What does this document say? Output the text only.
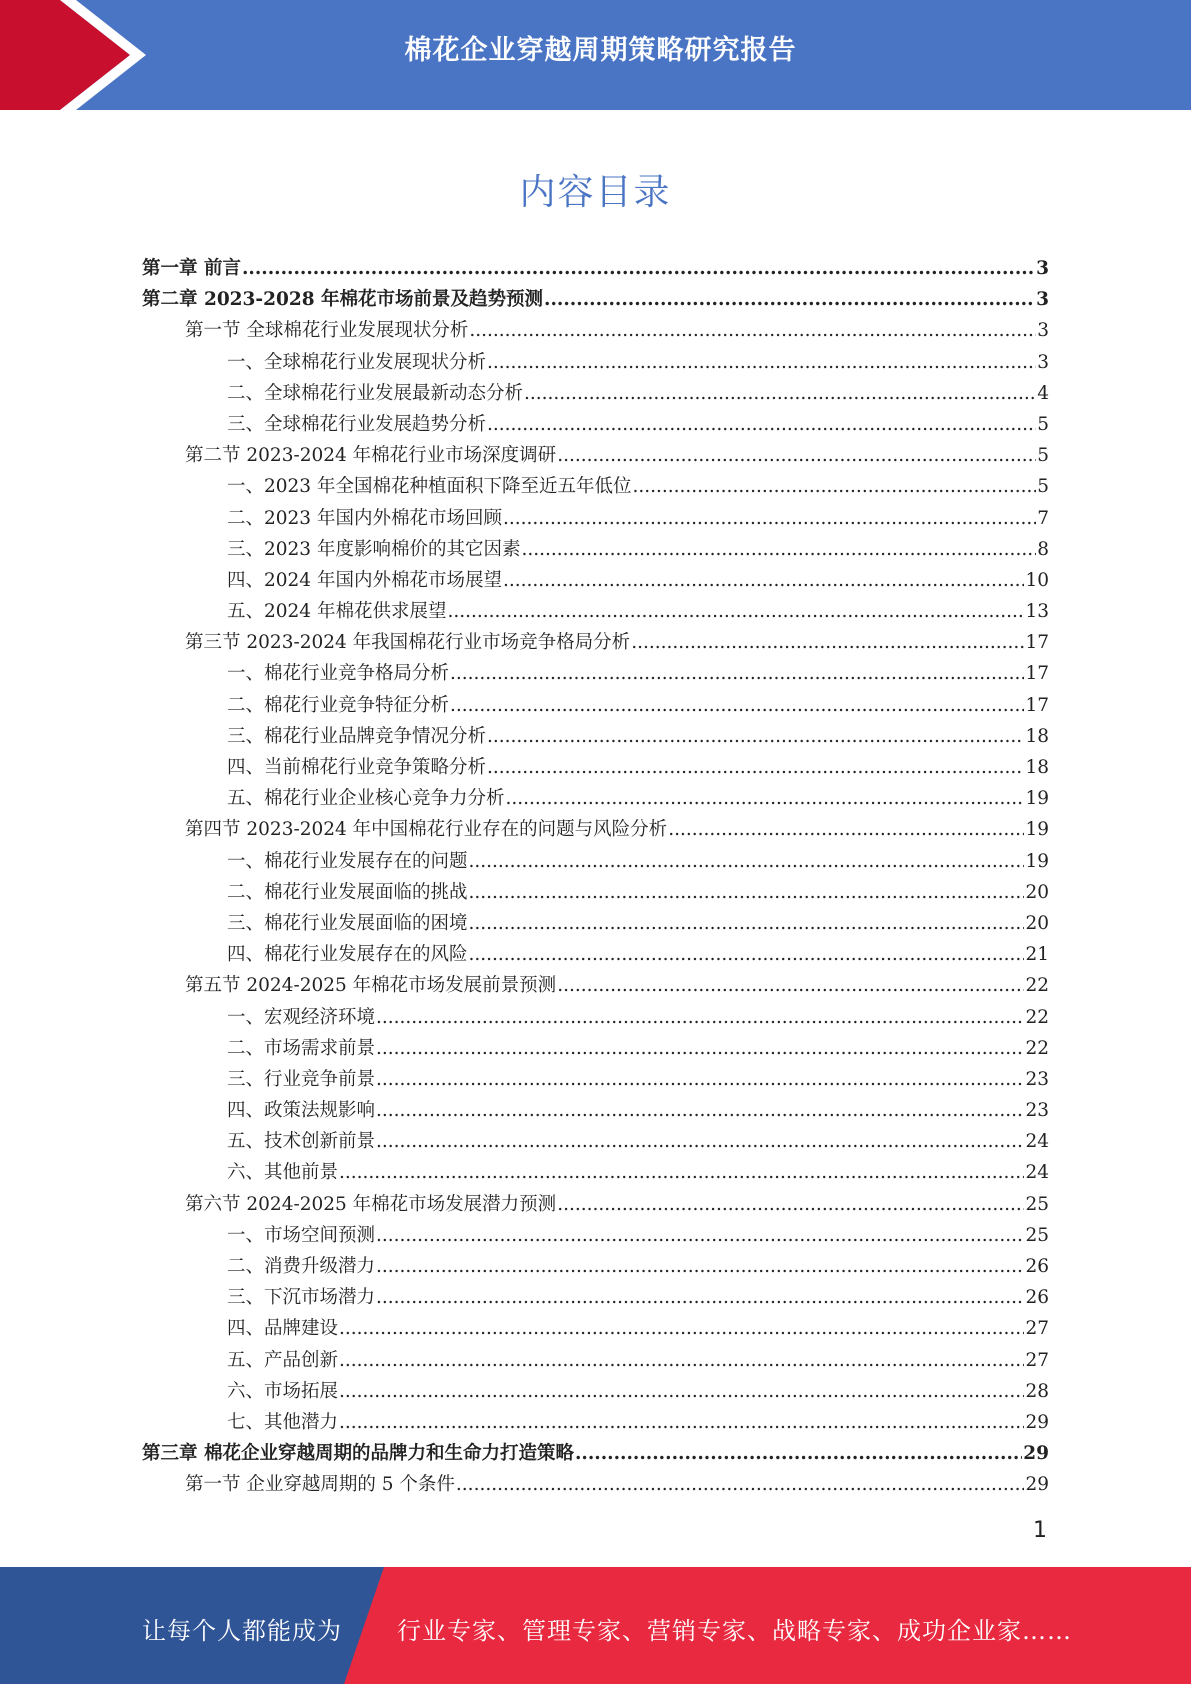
棉花企业穿越周期策略研究报告
内容目录
第一章 前言 .....	3
第二章 2023-2028 年棉花市场前景及趋势预测 .....	3
第一节 全球棉花行业发展现状分析 .....	3
一、全球棉花行业发展现状分析 .....	3
二、全球棉花行业发展最新动态分析 .....	4
三、全球棉花行业发展趋势分析 .....	5
第二节 2023-2024 年棉花行业市场深度调研 .....	5
一、2023 年全国棉花种植面积下降至近五年低位 .....	5
二、2023 年国内外棉花市场回顾 .....	7
三、2023 年度影响棉价的其它因素 .....	8
四、2024 年国内外棉花市场展望 .....	10
五、2024 年棉花供求展望 .....	13
第三节 2023-2024 年我国棉花行业市场竞争格局分析 .....	17
一、棉花行业竞争格局分析 .....	17
二、棉花行业竞争特征分析 .....	17
三、棉花行业品牌竞争情况分析 .....	18
四、当前棉花行业竞争策略分析 .....	18
五、棉花行业企业核心竞争力分析 .....	19
第四节 2023-2024 年中国棉花行业存在的问题与风险分析 .....	19
一、棉花行业发展存在的问题 .....	19
二、棉花行业发展面临的挑战 .....	20
三、棉花行业发展面临的困境 .....	20
四、棉花行业发展存在的风险 .....	21
第五节 2024-2025 年棉花市场发展前景预测 .....	22
一、宏观经济环境 .....	22
二、市场需求前景 .....	22
三、行业竞争前景 .....	23
四、政策法规影响 .....	23
五、技术创新前景 .....	24
六、其他前景 .....	24
第六节 2024-2025 年棉花市场发展潜力预测 .....	25
一、市场空间预测 .....	25
二、消费升级潜力 .....	26
三、下沉市场潜力 .....	26
四、品牌建设 .....	27
五、产品创新 .....	27
六、市场拓展 .....	28
七、其他潜力 .....	29
第三章 棉花企业穿越周期的品牌力和生命力打造策略 .....	29
第一节 企业穿越周期的 5 个条件 .....	29
1
让每个人都能成为 行业专家、管理专家、营销专家、战略专家、成功企业家……
